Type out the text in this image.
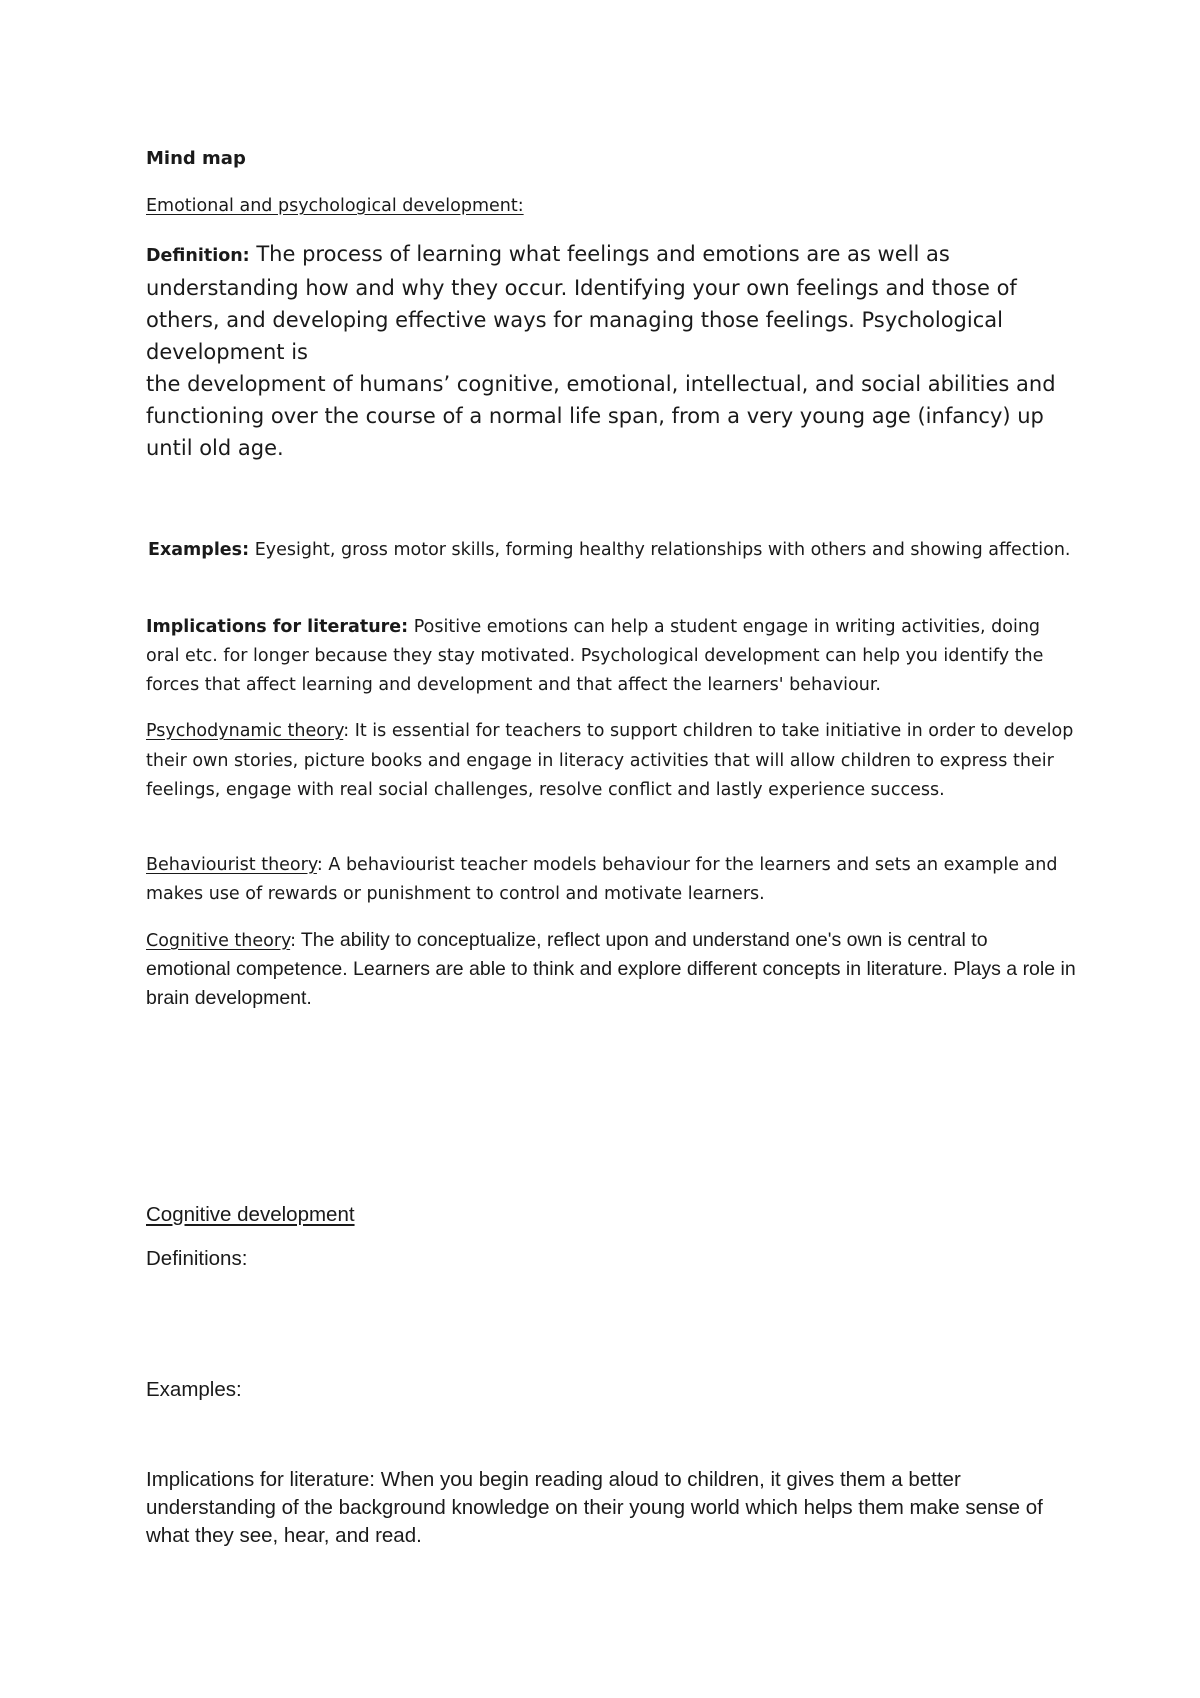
Mind map

Emotional and psychological development:

Definition: The process of learning what feelings and emotions are as well as understanding how and why they occur. Identifying your own feelings and those of others, and developing effective ways for managing those feelings. Psychological development is
the development of humans’ cognitive, emotional, intellectual, and social abilities and functioning over the course of a normal life span, from a very young age (infancy) up until old age.

Examples: Eyesight, gross motor skills, forming healthy relationships with others and showing affection.

Implications for literature: Positive emotions can help a student engage in writing activities, doing oral etc. for longer because they stay motivated. Psychological development can help you identify the forces that affect learning and development and that affect the learners' behaviour.

Psychodynamic theory: It is essential for teachers to support children to take initiative in order to develop their own stories, picture books and engage in literacy activities that will allow children to express their feelings, engage with real social challenges, resolve conflict and lastly experience success.

Behaviourist theory: A behaviourist teacher models behaviour for the learners and sets an example and makes use of rewards or punishment to control and motivate learners.

Cognitive theory: The ability to conceptualize, reflect upon and understand one's own is central to emotional competence. Learners are able to think and explore different concepts in literature. Plays a role in brain development.

Cognitive development

Definitions:

Examples:

Implications for literature: When you begin reading aloud to children, it gives them a better understanding of the background knowledge on their young world which helps them make sense of what they see, hear, and read.
